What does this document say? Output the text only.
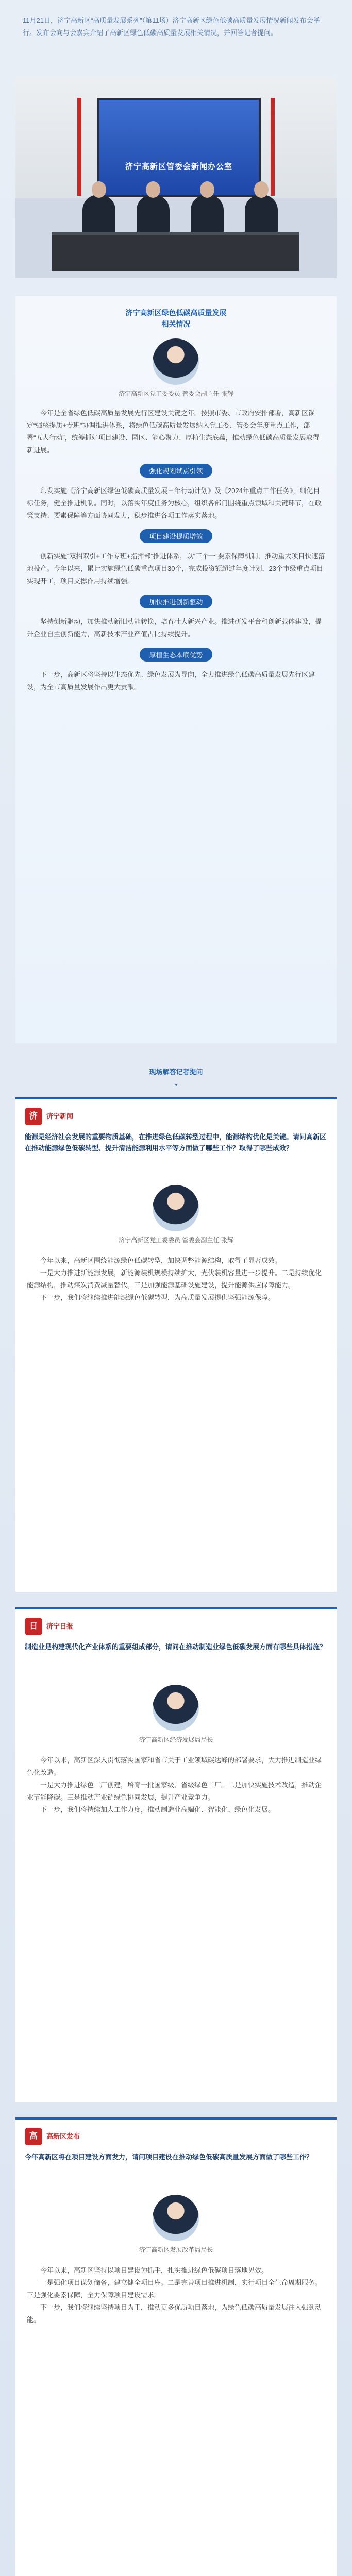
11月21日，济宁高新区“高质量发展系列”（第11场）济宁高新区绿色低碳高质量发展情况新闻发布会举行。发布会向与会嘉宾介绍了高新区绿色低碳高质量发展相关情况，并回答记者提问。
济宁高新区管委会新闻办公室
济宁高新区绿色低碳高质量发展
相关情况
济宁高新区党工委委员 管委会副主任 张辉

今年是全省绿色低碳高质量发展先行区建设关键之年。按照市委、市政府安排部署，高新区锚定“强核提质+专班”协调推进体系，将绿色低碳高质量发展纳入党工委、管委会年度重点工作，部署“五大行动”，统筹抓好项目建设、园区、能心聚力、厚植生态底蕴，推动绿色低碳高质量发展取得新进展。

强化规划试点引领

印发实施《济宁高新区绿色低碳高质量发展三年行动计划》及《2024年重点工作任务》，细化目标任务，健全推进机制。同时，以落实年度任务为核心，组织各部门围绕重点领域和关键环节，在政策支持、要素保障等方面协同发力，稳步推进各项工作落实落地。

项目建设提质增效

创新实施“双招双引+工作专班+指挥部”推进体系，以“三个一”要素保障机制，推动重大项目快速落地投产。今年以来，累计实施绿色低碳重点项目30个，完成投资额超过年度计划，23个市级重点项目实现开工，项目支撑作用持续增强。

加快推进创新驱动

坚持创新驱动，加快推动新旧动能转换，培育壮大新兴产业。推进研发平台和创新载体建设，提升企业自主创新能力，高新技术产业产值占比持续提升。

厚植生态本底优势

下一步，高新区将坚持以生态优先、绿色发展为导向，全力推进绿色低碳高质量发展先行区建设，为全市高质量发展作出更大贡献。

现场解答记者提问
⌄
济	济宁新闻
能源是经济社会发展的重要物质基础，在推进绿色低碳转型过程中，能源结构优化是关键。请问高新区在推动能源绿色低碳转型、提升清洁能源利用水平等方面做了哪些工作？取得了哪些成效？
济宁高新区党工委委员 管委会副主任 张辉

今年以来，高新区围绕能源绿色低碳转型，加快调整能源结构，取得了显著成效。

一是大力推进新能源发展，新能源装机规模持续扩大，光伏装机容量进一步提升。二是持续优化能源结构，推动煤炭消费减量替代。三是加强能源基础设施建设，提升能源供应保障能力。

下一步，我们将继续推进能源绿色低碳转型，为高质量发展提供坚强能源保障。

日	济宁日报
制造业是构建现代化产业体系的重要组成部分，请问在推动制造业绿色低碳发展方面有哪些具体措施？
济宁高新区经济发展局局长

今年以来，高新区深入贯彻落实国家和省市关于工业领域碳达峰的部署要求，大力推进制造业绿色化改造。

一是大力推进绿色工厂创建，培育一批国家级、省级绿色工厂。二是加快实施技术改造，推动企业节能降碳。三是推动产业链绿色协同发展，提升产业竞争力。

下一步，我们将持续加大工作力度，推动制造业高端化、智能化、绿色化发展。

高	高新区发布
今年高新区将在项目建设方面发力，请问项目建设在推动绿色低碳高质量发展方面做了哪些工作？
济宁高新区发展改革局局长

今年以来，高新区坚持以项目建设为抓手，扎实推进绿色低碳项目落地见效。

一是强化项目谋划储备，建立健全项目库。二是完善项目推进机制，实行项目全生命周期服务。三是强化要素保障，全力保障项目建设需求。

下一步，我们将继续坚持项目为王，推动更多优质项目落地，为绿色低碳高质量发展注入强劲动能。
